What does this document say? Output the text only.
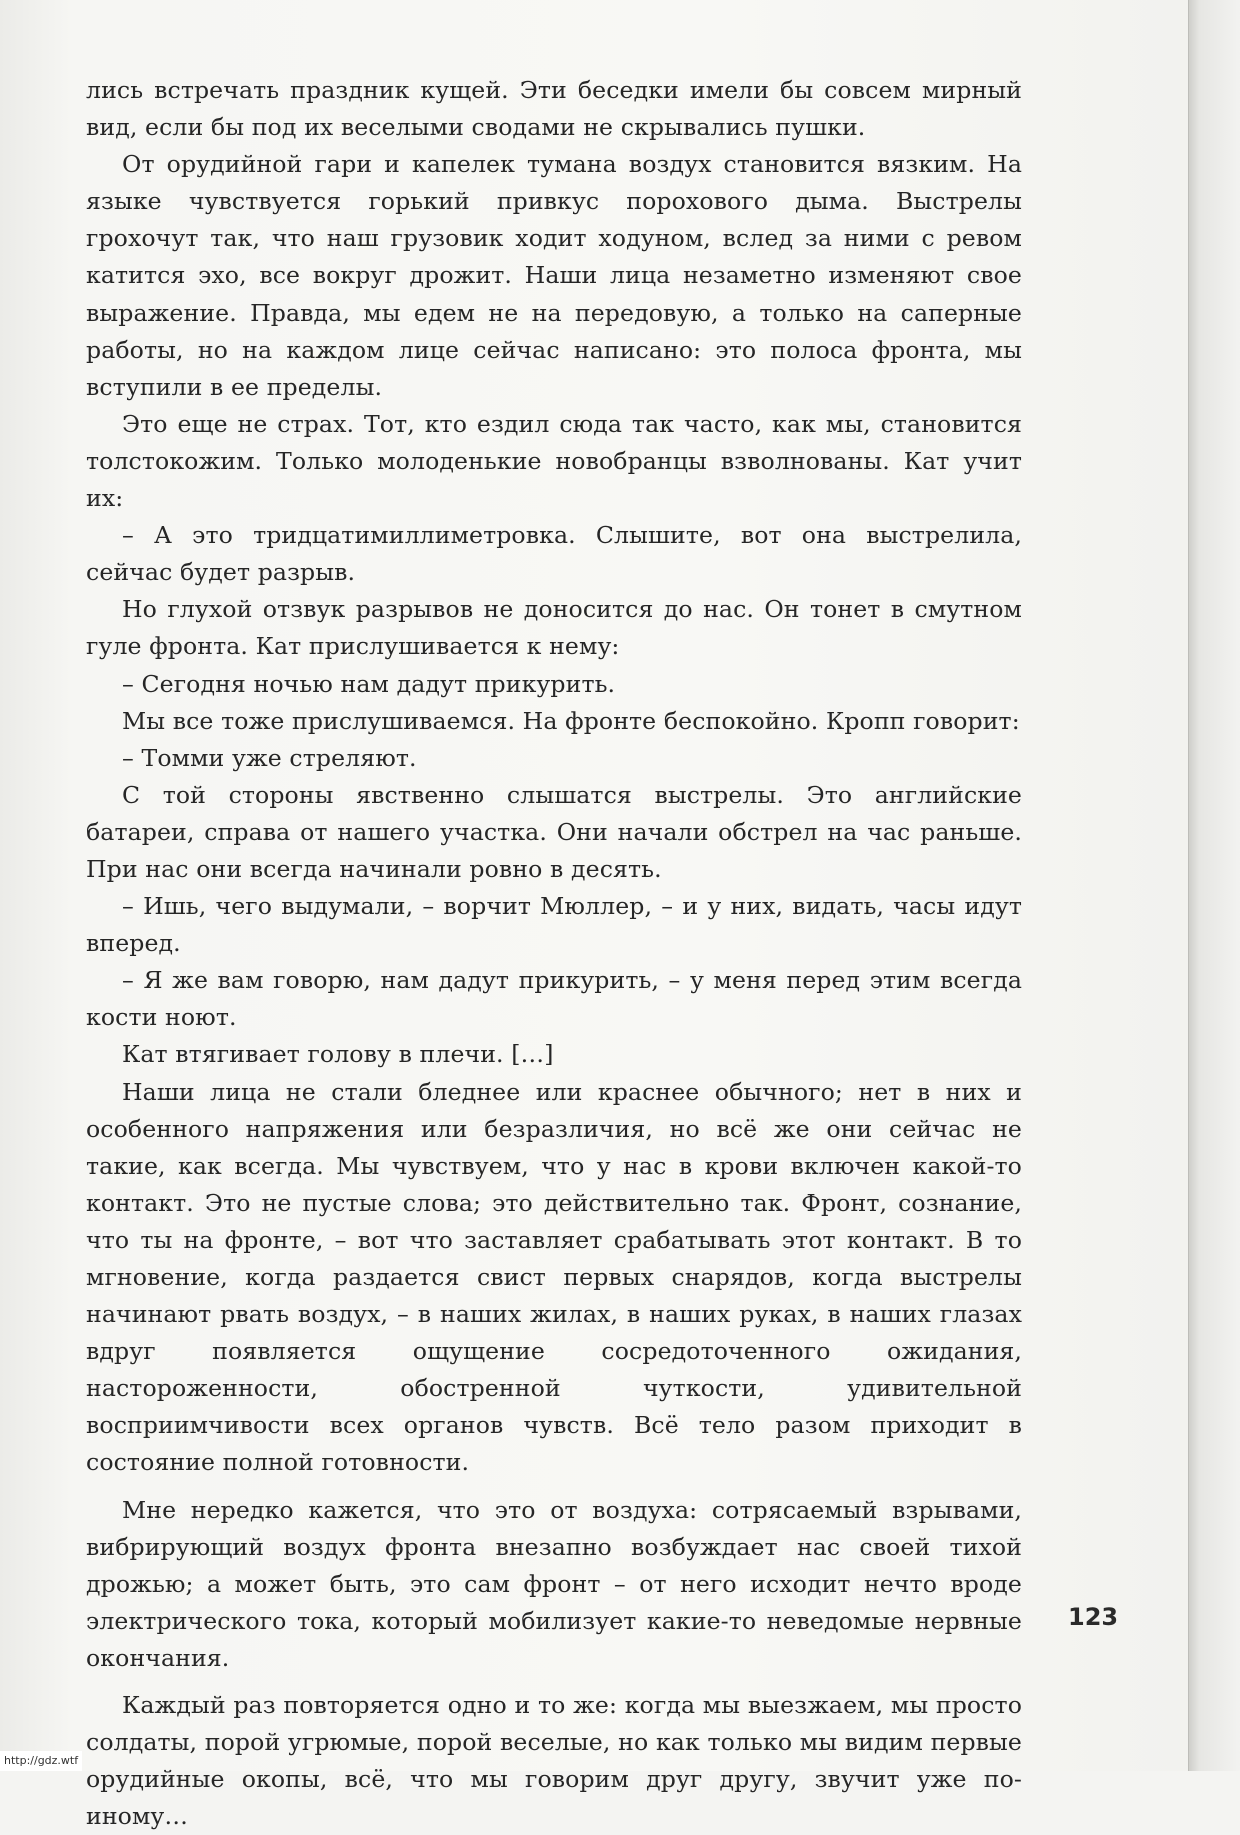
лись встречать праздник кущей. Эти беседки имели бы совсем мирный вид, если бы под их веселыми сводами не скрывались пушки.

От орудийной гари и капелек тумана воздух становится вязким. На языке чувствуется горький привкус порохового дыма. Выстрелы грохочут так, что наш грузовик ходит ходуном, вслед за ними с ревом катится эхо, все вокруг дрожит. Наши лица незаметно изменяют свое выражение. Правда, мы едем не на передовую, а только на саперные работы, но на каждом лице сейчас написано: это полоса фронта, мы вступили в ее пределы.

Это еще не страх. Тот, кто ездил сюда так часто, как мы, становится толстокожим. Только молоденькие новобранцы взволнованы. Кат учит их:

– А это тридцатимиллиметровка. Слышите, вот она выстрелила, сейчас будет разрыв.

Но глухой отзвук разрывов не доносится до нас. Он тонет в смутном гуле фронта. Кат прислушивается к нему:

– Сегодня ночью нам дадут прикурить.

Мы все тоже прислушиваемся. На фронте беспокойно. Кропп говорит:

– Томми уже стреляют.

С той стороны явственно слышатся выстрелы. Это английские батареи, справа от нашего участка. Они начали обстрел на час раньше. При нас они всегда начинали ровно в десять.

– Ишь, чего выдумали, – ворчит Мюллер, – и у них, видать, часы идут вперед.

– Я же вам говорю, нам дадут прикурить, – у меня перед этим всегда кости ноют.

Кат втягивает голову в плечи. […]

Наши лица не стали бледнее или краснее обычного; нет в них и особенного напряжения или безразличия, но всё же они сейчас не такие, как всегда. Мы чувствуем, что у нас в крови включен какой-то контакт. Это не пустые слова; это действительно так. Фронт, сознание, что ты на фронте, – вот что заставляет срабатывать этот контакт. В то мгновение, когда раздается свист первых снарядов, когда выстрелы начинают рвать воздух, – в наших жилах, в наших руках, в наших глазах вдруг появляется ощущение сосредоточенного ожидания, настороженности, обостренной чуткости, удивительной восприимчивости всех органов чувств. Всё тело разом приходит в состояние полной готовности.

Мне нередко кажется, что это от воздуха: сотрясаемый взрывами, вибрирующий воздух фронта внезапно возбуждает нас своей тихой дрожью; а может быть, это сам фронт – от него исходит нечто вроде электрического тока, который мобилизует какие-то неведомые нервные окончания.

Каждый раз повторяется одно и то же: когда мы выезжаем, мы просто солдаты, порой угрюмые, порой веселые, но как только мы видим первые орудийные окопы, всё, что мы говорим друг другу, звучит уже по-иному…

123
http://gdz.wtf
